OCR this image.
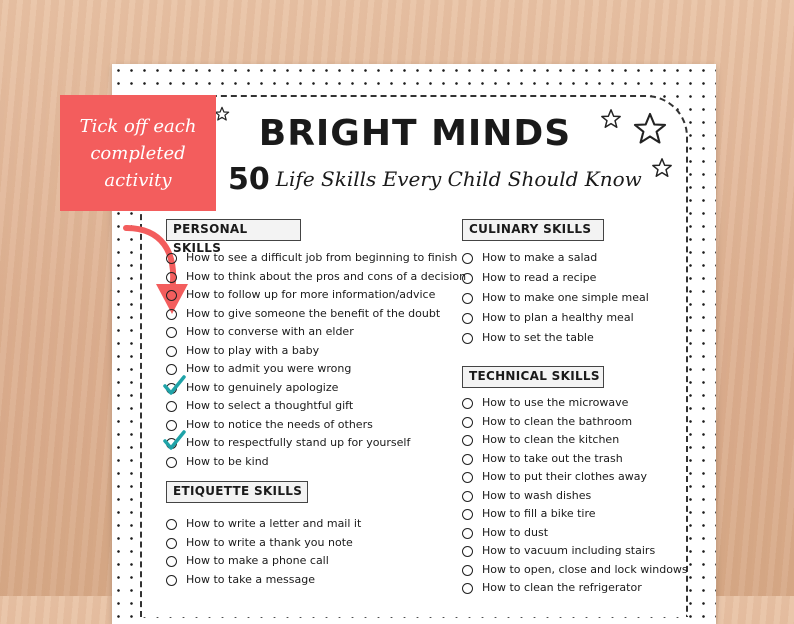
BRIGHT MINDS
50 Life Skills Every Child Should Know
Tick off each completed activity
PERSONAL SKILLS
How to see a difficult job from beginning to finish
How to think about the pros and cons of a decision
How to follow up for more information/advice
How to give someone the benefit of the doubt
How to converse with an elder
How to play with a baby
How to admit you were wrong
How to genuinely apologize
How to select a thoughtful gift
How to notice the needs of others
How to respectfully stand up for yourself
How to be kind
ETIQUETTE SKILLS
How to write a letter and mail it
How to write a thank you note
How to make a phone call
How to take a message
CULINARY SKILLS
How to make a salad
How to read a recipe
How to make one simple meal
How to plan a healthy meal
How to set the table
TECHNICAL SKILLS
How to use the microwave
How to clean the bathroom
How to clean the kitchen
How to take out the trash
How to put their clothes away
How to wash dishes
How to fill a bike tire
How to dust
How to vacuum including stairs
How to open, close and lock windows
How to clean the refrigerator
